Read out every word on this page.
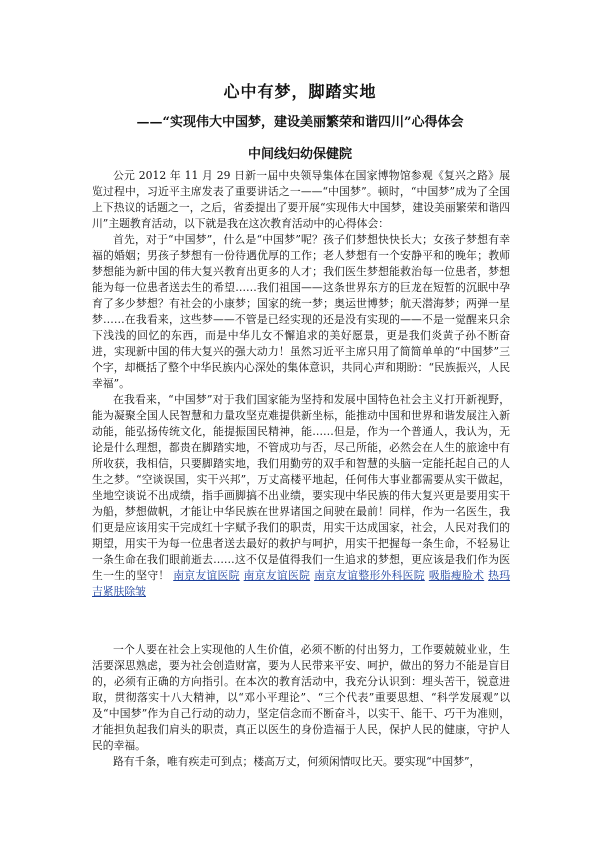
心中有梦，脚踏实地
——“实现伟大中国梦，建设美丽繁荣和谐四川”心得体会
中间线妇幼保健院

公元 2012 年 11 月 29 日新一届中央领导集体在国家博物馆参观《复兴之路》展览过程中，习近平主席发表了重要讲话之一——“中国梦”。顿时，“中国梦”成为了全国上下热议的话题之一，之后，省委提出了要开展“实现伟大中国梦，建设美丽繁荣和谐四川”主题教育活动，以下就是我在这次教育活动中的心得体会：

首先，对于“中国梦”，什么是“中国梦”呢？孩子们梦想快快长大；女孩子梦想有幸福的婚姻；男孩子梦想有一份待遇优厚的工作；老人梦想有一个安静平和的晚年；教师梦想能为新中国的伟大复兴教育出更多的人才；我们医生梦想能救治每一位患者，梦想能为每一位患者送去生的希望……我们祖国——这条世界东方的巨龙在短暂的沉眠中孕育了多少梦想？有社会的小康梦；国家的统一梦；奥运世博梦；航天潜海梦；两弹一星梦……在我看来，这些梦——不管是已经实现的还是没有实现的——不是一觉醒来只余下浅浅的回忆的东西，而是中华儿女不懈追求的美好愿景，更是我们炎黄子孙不断奋进，实现新中国的伟大复兴的强大动力！虽然习近平主席只用了简简单单的“中国梦”三个字，却概括了整个中华民族内心深处的集体意识，共同心声和期盼：“民族振兴，人民幸福”。

在我看来，“中国梦”对于我们国家能为坚持和发展中国特色社会主义打开新视野，能为凝聚全国人民智慧和力量攻坚克难提供新坐标，能推动中国和世界和谐发展注入新动能，能弘扬传统文化，能提振国民精神，能……但是，作为一个普通人，我认为，无论是什么理想，都贵在脚踏实地，不管成功与否，尽己所能，必然会在人生的旅途中有所收获，我相信，只要脚踏实地，我们用勤劳的双手和智慧的头脑一定能托起自己的人生之梦。“空谈误国，实干兴邦”，万丈高楼平地起，任何伟大事业都需要从实干做起，坐地空谈说不出成绩，指手画脚搞不出业绩，要实现中华民族的伟大复兴更是要用实干为船，梦想做帆，才能让中华民族在世界诸国之间驶在最前！同样，作为一名医生，我们更是应该用实干完成红十字赋予我们的职责，用实干达成国家，社会，人民对我们的期望，用实干为每一位患者送去最好的救护与呵护，用实干把握每一条生命，不轻易让一条生命在我们眼前逝去……这不仅是值得我们一生追求的梦想，更应该是我们作为医生一生的坚守！ 南京友谊医院 南京友谊医院 南京友谊整形外科医院 吸脂瘦脸术 热玛吉紧肤除皱

一个人要在社会上实现他的人生价值，必须不断的付出努力，工作要兢兢业业，生活要深思熟虑，要为社会创造财富，要为人民带来平安、呵护，做出的努力不能是盲目的，必须有正确的方向指引。在本次的教育活动中，我充分认识到：埋头苦干，锐意进取，贯彻落实十八大精神，以“邓小平理论”、“三个代表”重要思想、“科学发展观”以及“中国梦”作为自己行动的动力，坚定信念而不断奋斗，以实干、能干、巧干为准则，才能担负起我们肩头的职责，真正以医生的身份造福于人民，保护人民的健康，守护人民的幸福。

路有千条，唯有疾走可到点；楼高万丈，何须闲情叹比天。要实现“中国梦”，
